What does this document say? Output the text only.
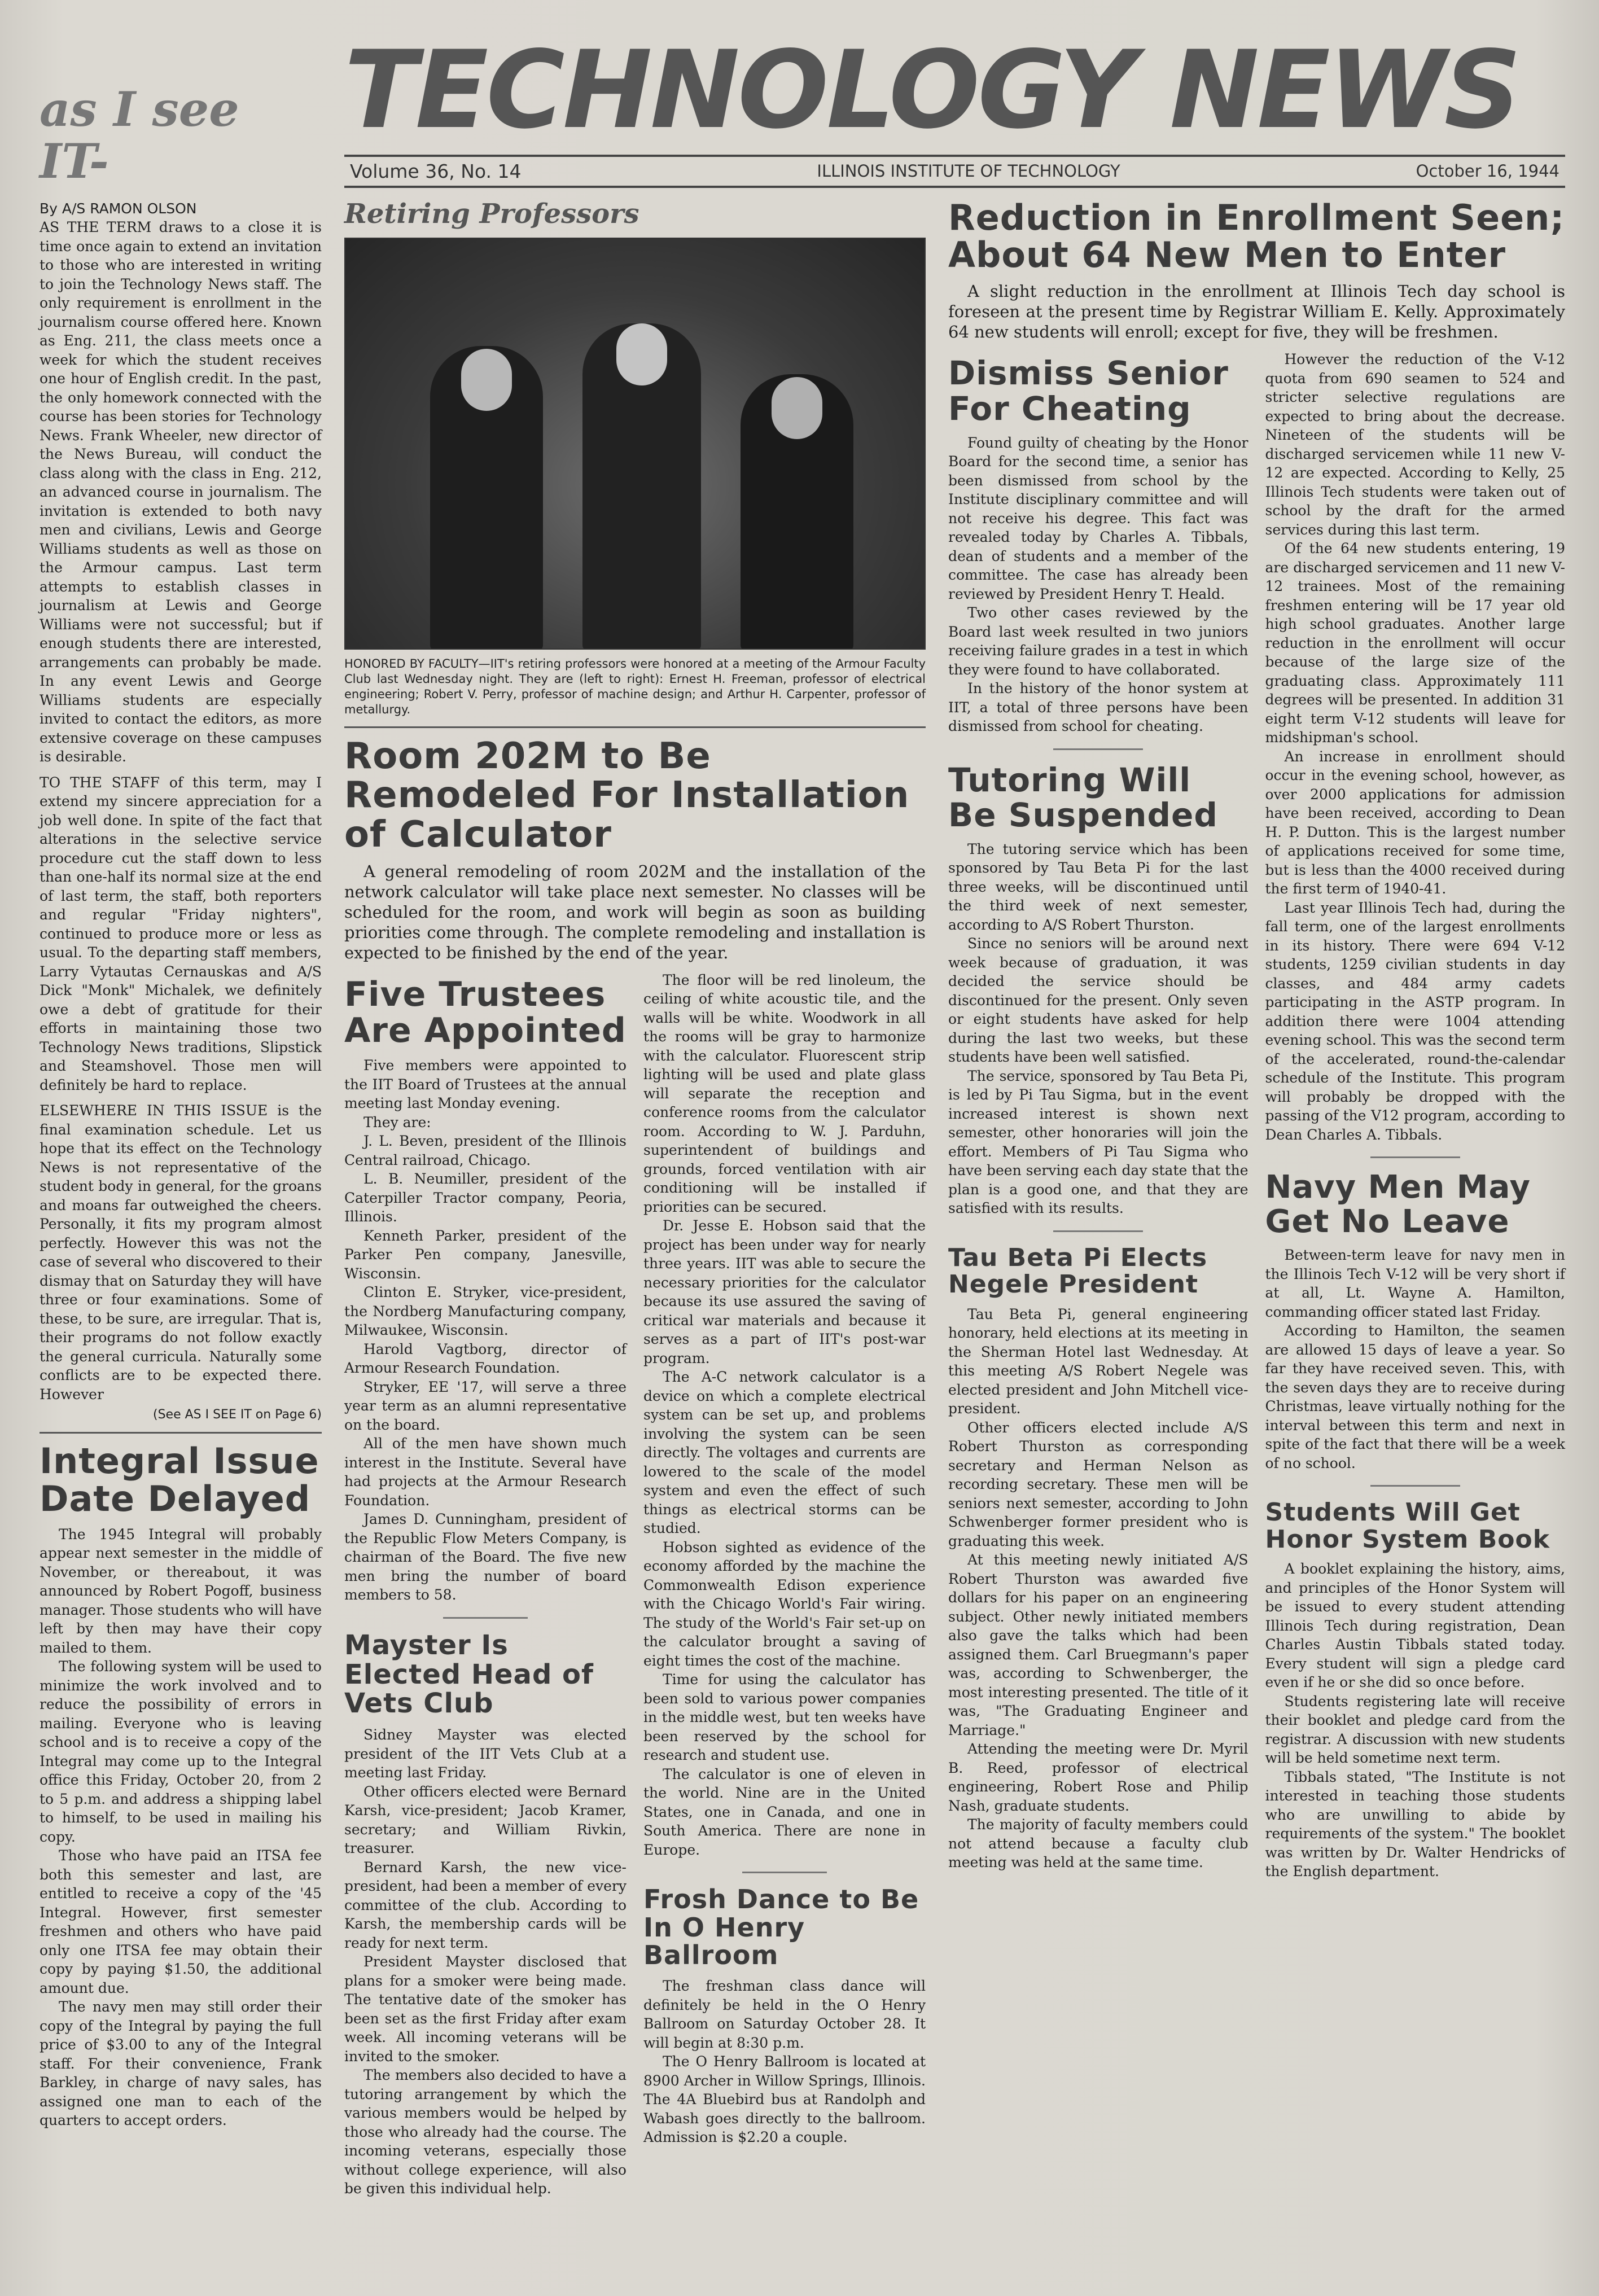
as I see IT-
TECHNOLOGY NEWS
Volume 36, No. 14	ILLINOIS INSTITUTE OF TECHNOLOGY	October 16, 1944

By A/S RAMON OLSON

AS THE TERM draws to a close it is time once again to extend an invitation to those who are interested in writing to join the Technology News staff. The only requirement is enrollment in the journalism course offered here. Known as Eng. 211, the class meets once a week for which the student receives one hour of English credit. In the past, the only homework connected with the course has been stories for Technology News. Frank Wheeler, new director of the News Bureau, will conduct the class along with the class in Eng. 212, an advanced course in journalism. The invitation is extended to both navy men and civilians, Lewis and George Williams students as well as those on the Armour campus. Last term attempts to establish classes in journalism at Lewis and George Williams were not successful; but if enough students there are interested, arrangements can probably be made. In any event Lewis and George Williams students are especially invited to contact the editors, as more extensive coverage on these campuses is desirable.

TO THE STAFF of this term, may I extend my sincere appreciation for a job well done. In spite of the fact that alterations in the selective service procedure cut the staff down to less than one-half its normal size at the end of last term, the staff, both reporters and regular "Friday nighters", continued to produce more or less as usual. To the departing staff members, Larry Vytautas Cernauskas and A/S Dick "Monk" Michalek, we definitely owe a debt of gratitude for their efforts in maintaining those two Technology News traditions, Slipstick and Steamshovel. Those men will definitely be hard to replace.

ELSEWHERE IN THIS ISSUE is the final examination schedule. Let us hope that its effect on the Technology News is not representative of the student body in general, for the groans and moans far outweighed the cheers. Personally, it fits my program almost perfectly. However this was not the case of several who discovered to their dismay that on Saturday they will have three or four examinations. Some of these, to be sure, are irregular. That is, their programs do not follow exactly the general curricula. Naturally some conflicts are to be expected there. However

(See AS I SEE IT on Page 6)

Integral Issue Date Delayed

The 1945 Integral will probably appear next semester in the middle of November, or thereabout, it was announced by Robert Pogoff, business manager. Those students who will have left by then may have their copy mailed to them.

The following system will be used to minimize the work involved and to reduce the possibility of errors in mailing. Everyone who is leaving school and is to receive a copy of the Integral may come up to the Integral office this Friday, October 20, from 2 to 5 p.m. and address a shipping label to himself, to be used in mailing his copy.

Those who have paid an ITSA fee both this semester and last, are entitled to receive a copy of the '45 Integral. However, first semester freshmen and others who have paid only one ITSA fee may obtain their copy by paying $1.50, the additional amount due.

The navy men may still order their copy of the Integral by paying the full price of $3.00 to any of the Integral staff. For their convenience, Frank Barkley, in charge of navy sales, has assigned one man to each of the quarters to accept orders.

Retiring Professors
HONORED BY FACULTY—IIT's retiring professors were honored at a meeting of the Armour Faculty Club last Wednesday night. They are (left to right): Ernest H. Freeman, professor of electrical engineering; Robert V. Perry, professor of machine design; and Arthur H. Carpenter, professor of metallurgy.
Room 202M to Be Remodeled For Installation of Calculator

A general remodeling of room 202M and the installation of the network calculator will take place next semester. No classes will be scheduled for the room, and work will begin as soon as building priorities come through. The complete remodeling and installation is expected to be finished by the end of the year.

Five Trustees Are Appointed

Five members were appointed to the IIT Board of Trustees at the annual meeting last Monday evening.

They are:

J. L. Beven, president of the Illinois Central railroad, Chicago.

L. B. Neumiller, president of the Caterpiller Tractor company, Peoria, Illinois.

Kenneth Parker, president of the Parker Pen company, Janesville, Wisconsin.

Clinton E. Stryker, vice-president, the Nordberg Manufacturing company, Milwaukee, Wisconsin.

Harold Vagtborg, director of Armour Research Foundation.

Stryker, EE '17, will serve a three year term as an alumni representative on the board.

All of the men have shown much interest in the Institute. Several have had projects at the Armour Research Foundation.

James D. Cunningham, president of the Republic Flow Meters Company, is chairman of the Board. The five new men bring the number of board members to 58.

Mayster Is Elected Head of Vets Club

Sidney Mayster was elected president of the IIT Vets Club at a meeting last Friday.

Other officers elected were Bernard Karsh, vice-president; Jacob Kramer, secretary; and William Rivkin, treasurer.

Bernard Karsh, the new vice-president, had been a member of every committee of the club. According to Karsh, the membership cards will be ready for next term.

President Mayster disclosed that plans for a smoker were being made. The tentative date of the smoker has been set as the first Friday after exam week. All incoming veterans will be invited to the smoker.

The members also decided to have a tutoring arrangement by which the various members would be helped by those who already had the course. The incoming veterans, especially those without college experience, will also be given this individual help.

The floor will be red linoleum, the ceiling of white acoustic tile, and the walls will be white. Woodwork in all the rooms will be gray to harmonize with the calculator. Fluorescent strip lighting will be used and plate glass will separate the reception and conference rooms from the calculator room. According to W. J. Parduhn, superintendent of buildings and grounds, forced ventilation with air conditioning will be installed if priorities can be secured.

Dr. Jesse E. Hobson said that the project has been under way for nearly three years. IIT was able to secure the necessary priorities for the calculator because its use assured the saving of critical war materials and because it serves as a part of IIT's post-war program.

The A-C network calculator is a device on which a complete electrical system can be set up, and problems involving the system can be seen directly. The voltages and currents are lowered to the scale of the model system and even the effect of such things as electrical storms can be studied.

Hobson sighted as evidence of the economy afforded by the machine the Commonwealth Edison experience with the Chicago World's Fair wiring. The study of the World's Fair set-up on the calculator brought a saving of eight times the cost of the machine.

Time for using the calculator has been sold to various power companies in the middle west, but ten weeks have been reserved by the school for research and student use.

The calculator is one of eleven in the world. Nine are in the United States, one in Canada, and one in South America. There are none in Europe.

Frosh Dance to Be In O Henry Ballroom

The freshman class dance will definitely be held in the O Henry Ballroom on Saturday October 28. It will begin at 8:30 p.m.

The O Henry Ballroom is located at 8900 Archer in Willow Springs, Illinois. The 4A Bluebird bus at Randolph and Wabash goes directly to the ballroom. Admission is $2.20 a couple.

Reduction in Enrollment Seen; About 64 New Men to Enter

A slight reduction in the enrollment at Illinois Tech day school is foreseen at the present time by Registrar William E. Kelly. Approximately 64 new students will enroll; except for five, they will be freshmen.

Dismiss Senior For Cheating

Found guilty of cheating by the Honor Board for the second time, a senior has been dismissed from school by the Institute disciplinary committee and will not receive his degree. This fact was revealed today by Charles A. Tibbals, dean of students and a member of the committee. The case has already been reviewed by President Henry T. Heald.

Two other cases reviewed by the Board last week resulted in two juniors receiving failure grades in a test in which they were found to have collaborated.

In the history of the honor system at IIT, a total of three persons have been dismissed from school for cheating.

Tutoring Will Be Suspended

The tutoring service which has been sponsored by Tau Beta Pi for the last three weeks, will be discontinued until the third week of next semester, according to A/S Robert Thurston.

Since no seniors will be around next week because of graduation, it was decided the service should be discontinued for the present. Only seven or eight students have asked for help during the last two weeks, but these students have been well satisfied.

The service, sponsored by Tau Beta Pi, is led by Pi Tau Sigma, but in the event increased interest is shown next semester, other honoraries will join the effort. Members of Pi Tau Sigma who have been serving each day state that the plan is a good one, and that they are satisfied with its results.

Tau Beta Pi Elects Negele President

Tau Beta Pi, general engineering honorary, held elections at its meeting in the Sherman Hotel last Wednesday. At this meeting A/S Robert Negele was elected president and John Mitchell vice-president.

Other officers elected include A/S Robert Thurston as corresponding secretary and Herman Nelson as recording secretary. These men will be seniors next semester, according to John Schwenberger former president who is graduating this week.

At this meeting newly initiated A/S Robert Thurston was awarded five dollars for his paper on an engineering subject. Other newly initiated members also gave the talks which had been assigned them. Carl Bruegmann's paper was, according to Schwenberger, the most interesting presented. The title of it was, "The Graduating Engineer and Marriage."

Attending the meeting were Dr. Myril B. Reed, professor of electrical engineering, Robert Rose and Philip Nash, graduate students.

The majority of faculty members could not attend because a faculty club meeting was held at the same time.

However the reduction of the V-12 quota from 690 seamen to 524 and stricter selective regulations are expected to bring about the decrease. Nineteen of the students will be discharged servicemen while 11 new V-12 are expected. According to Kelly, 25 Illinois Tech students were taken out of school by the draft for the armed services during this last term.

Of the 64 new students entering, 19 are discharged servicemen and 11 new V-12 trainees. Most of the remaining freshmen entering will be 17 year old high school graduates. Another large reduction in the enrollment will occur because of the large size of the graduating class. Approximately 111 degrees will be presented. In addition 31 eight term V-12 students will leave for midshipman's school.

An increase in enrollment should occur in the evening school, however, as over 2000 applications for admission have been received, according to Dean H. P. Dutton. This is the largest number of applications received for some time, but is less than the 4000 received during the first term of 1940-41.

Last year Illinois Tech had, during the fall term, one of the largest enrollments in its history. There were 694 V-12 students, 1259 civilian students in day classes, and 484 army cadets participating in the ASTP program. In addition there were 1004 attending evening school. This was the second term of the accelerated, round-the-calendar schedule of the Institute. This program will probably be dropped with the passing of the V12 program, according to Dean Charles A. Tibbals.

Navy Men May Get No Leave

Between-term leave for navy men in the Illinois Tech V-12 will be very short if at all, Lt. Wayne A. Hamilton, commanding officer stated last Friday.

According to Hamilton, the seamen are allowed 15 days of leave a year. So far they have received seven. This, with the seven days they are to receive during Christmas, leave virtually nothing for the interval between this term and next in spite of the fact that there will be a week of no school.

Students Will Get Honor System Book

A booklet explaining the history, aims, and principles of the Honor System will be issued to every student attending Illinois Tech during registration, Dean Charles Austin Tibbals stated today. Every student will sign a pledge card even if he or she did so once before.

Students registering late will receive their booklet and pledge card from the registrar. A discussion with new students will be held sometime next term.

Tibbals stated, "The Institute is not interested in teaching those students who are unwilling to abide by requirements of the system." The booklet was written by Dr. Walter Hendricks of the English department.
